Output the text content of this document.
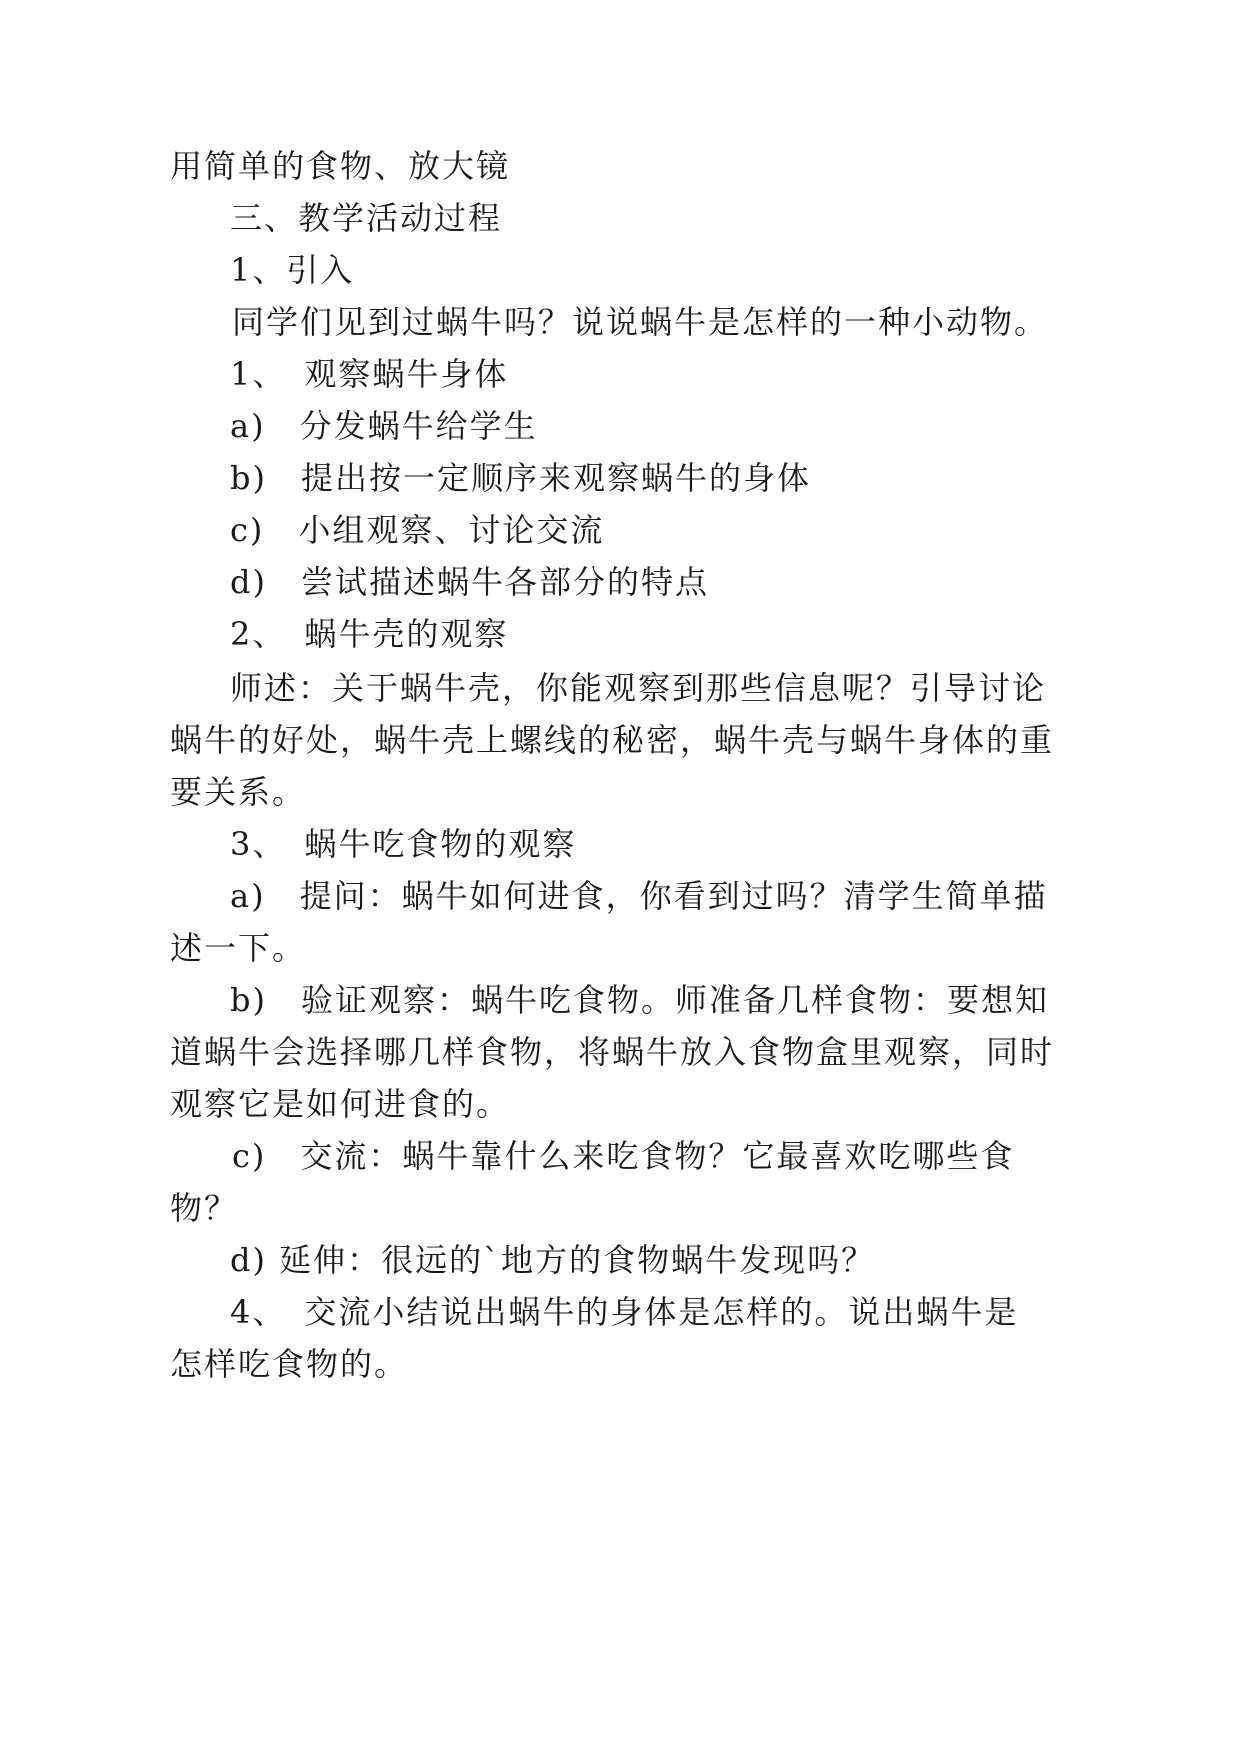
用简单的食物、放大镜
三、教学活动过程
1、引入
同学们见到过蜗牛吗？说说蜗牛是怎样的一种小动物。
1、　观察蜗牛身体
a)　分发蜗牛给学生
b)　提出按一定顺序来观察蜗牛的身体
c)　小组观察、讨论交流
d)　尝试描述蜗牛各部分的特点
2、　蜗牛壳的观察
师述：关于蜗牛壳，你能观察到那些信息呢？引导讨论
蜗牛的好处，蜗牛壳上螺线的秘密，蜗牛壳与蜗牛身体的重
要关系。
3、　蜗牛吃食物的观察
a)　提问：蜗牛如何进食，你看到过吗？清学生简单描
述一下。
b)　验证观察：蜗牛吃食物。师准备几样食物：要想知
道蜗牛会选择哪几样食物，将蜗牛放入食物盒里观察，同时
观察它是如何进食的。
c)　交流：蜗牛靠什么来吃食物？它最喜欢吃哪些食
物？
d) 延伸：很远的`地方的食物蜗牛发现吗？
4、　交流小结说出蜗牛的身体是怎样的。说出蜗牛是
怎样吃食物的。
